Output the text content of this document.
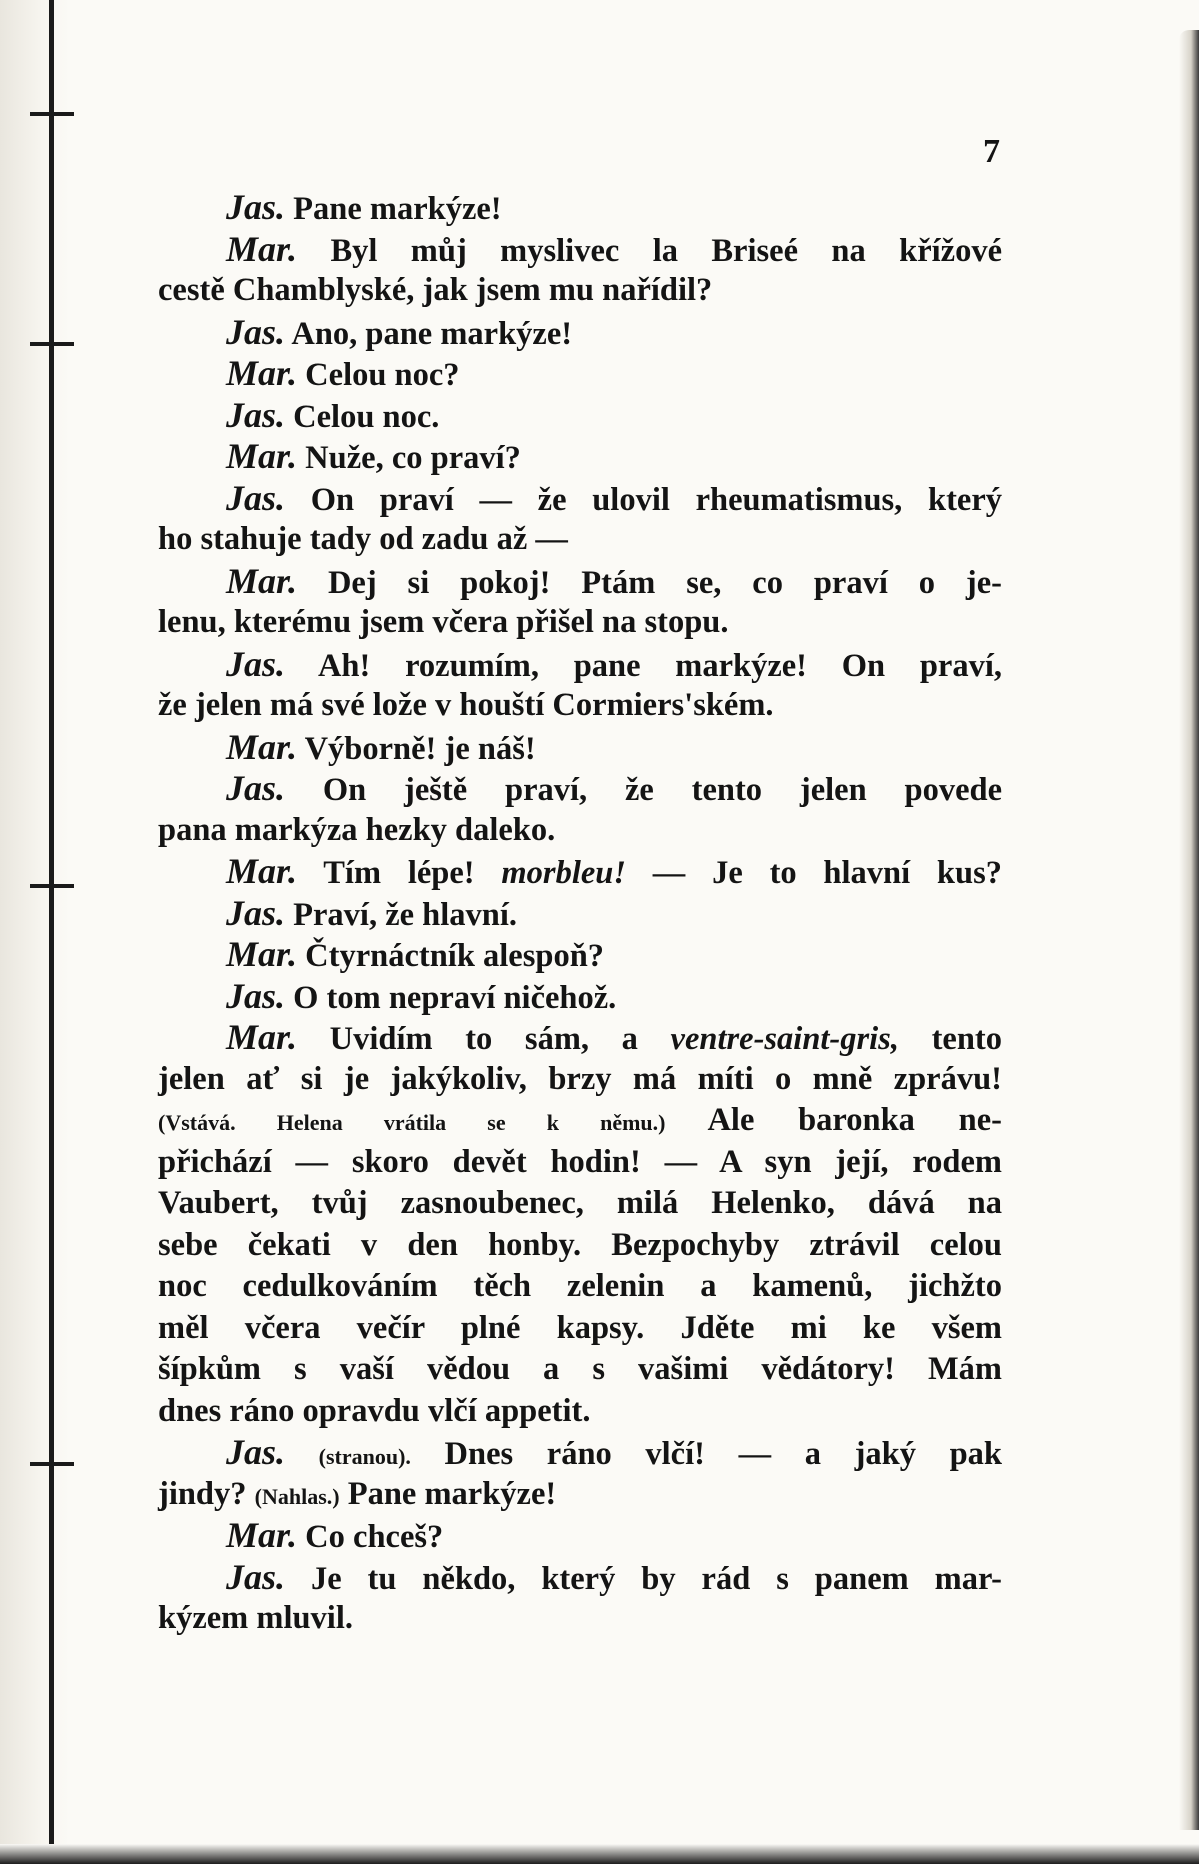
7
Jas. Pane markýze!
Mar. Byl můj myslivec la Briseé na křížové
cestě Chamblyské, jak jsem mu nařídil?
Jas. Ano, pane markýze!
Mar. Celou noc?
Jas. Celou noc.
Mar. Nuže, co praví?
Jas. On praví — že ulovil rheumatismus, který
ho stahuje tady od zadu až —
Mar. Dej si pokoj! Ptám se, co praví o je-
lenu, kterému jsem včera přišel na stopu.
Jas. Ah! rozumím, pane markýze! On praví,
že jelen má své lože v houští Cormiers'ském.
Mar. Výborně! je náš!
Jas. On ještě praví, že tento jelen povede
pana markýza hezky daleko.
Mar. Tím lépe! morbleu! — Je to hlavní kus?
Jas. Praví, že hlavní.
Mar. Čtyrnáctník alespoň?
Jas. O tom nepraví ničehož.
Mar. Uvidím to sám, a ventre-saint-gris, tento
jelen ať si je jakýkoliv, brzy má míti o mně zprávu!
(Vstává. Helena vrátila se k němu.) Ale baronka ne-
přichází — skoro devět hodin! — A syn její, rodem
Vaubert, tvůj zasnoubenec, milá Helenko, dává na
sebe čekati v den honby. Bezpochyby ztrávil celou
noc cedulkováním těch zelenin a kamenů, jichžto
měl včera večír plné kapsy. Jděte mi ke všem
šípkům s vaší vědou a s vašimi vědátory! Mám
dnes ráno opravdu vlčí appetit.
Jas. (stranou). Dnes ráno vlčí! — a jaký pak
jindy? (Nahlas.) Pane markýze!
Mar. Co chceš?
Jas. Je tu někdo, který by rád s panem mar-
kýzem mluvil.
